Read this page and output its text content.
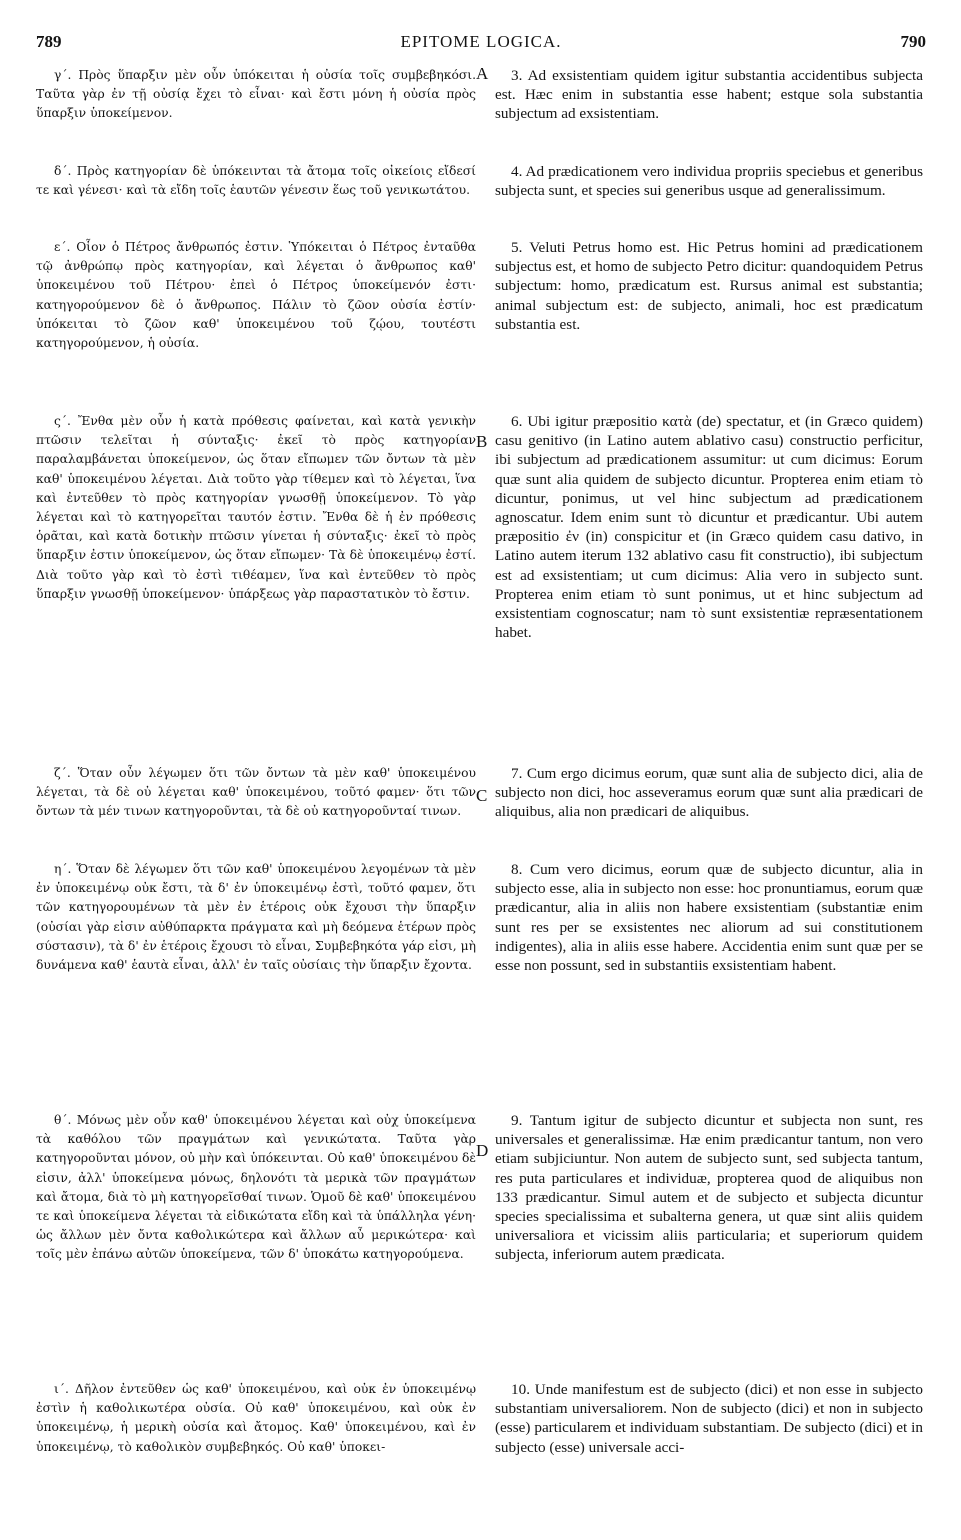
789	EPITOME LOGICA.	790
A
B
C
D

γ΄. Πρὸς ὕπαρξιν μὲν οὖν ὑπόκειται ἡ οὐσία τοῖς συμβεβηκόσι. Ταῦτα γὰρ ἐν τῇ οὐσίᾳ ἔχει τὸ εἶναι· καὶ ἔστι μόνη ἡ οὐσία πρὸς ὕπαρξιν ὑποκείμενον.

δ΄. Πρὸς κατηγορίαν δὲ ὑπόκεινται τὰ ἄτομα τοῖς οἰκείοις εἴδεσί τε καὶ γένεσι· καὶ τὰ εἴδη τοῖς ἑαυτῶν γένεσιν ἕως τοῦ γενικωτάτου.

ε΄. Οἷον ὁ Πέτρος ἄνθρωπός ἐστιν. Ὑπόκειται ὁ Πέτρος ἐνταῦθα τῷ ἀνθρώπῳ πρὸς κατηγορίαν, καὶ λέγεται ὁ ἄνθρωπος καθ' ὑποκειμένου τοῦ Πέτρου· ἐπεὶ ὁ Πέτρος ὑποκείμενόν ἐστι· κατηγορούμενον δὲ ὁ ἄνθρωπος. Πάλιν τὸ ζῶον οὐσία ἐστίν· ὑπόκειται τὸ ζῶον καθ' ὑποκειμένου τοῦ ζῴου, τουτέστι κατηγορούμενον, ἡ οὐσία.

ς΄. Ἔνθα μὲν οὖν ἡ κατὰ πρόθεσις φαίνεται, καὶ κατὰ γενικὴν πτῶσιν τελεῖται ἡ σύνταξις· ἐκεῖ τὸ πρὸς κατηγορίαν παραλαμβάνεται ὑποκείμενον, ὡς ὅταν εἴπωμεν τῶν ὄντων τὰ μὲν καθ' ὑποκειμένου λέγεται. Διὰ τοῦτο γὰρ τίθεμεν καὶ τὸ λέγεται, ἵνα καὶ ἐντεῦθεν τὸ πρὸς κατηγορίαν γνωσθῇ ὑποκείμενον. Τὸ γὰρ λέγεται καὶ τὸ κατηγορεῖται ταυτόν ἐστιν. Ἔνθα δὲ ἡ ἐν πρόθεσις ὁρᾶται, καὶ κατὰ δοτικὴν πτῶσιν γίνεται ἡ σύνταξις· ἐκεῖ τὸ πρὸς ὕπαρξιν ἐστιν ὑποκείμενον, ὡς ὅταν εἴπωμεν· Τὰ δὲ ὑποκειμένῳ ἐστί. Διὰ τοῦτο γὰρ καὶ τὸ ἐστὶ τιθέαμεν, ἵνα καὶ ἐντεῦθεν τὸ πρὸς ὕπαρξιν γνωσθῇ ὑποκείμενον· ὑπάρξεως γὰρ παραστατικὸν τὸ ἔστιν.

ζ΄. Ὅταν οὖν λέγωμεν ὅτι τῶν ὄντων τὰ μὲν καθ' ὑποκειμένου λέγεται, τὰ δὲ οὐ λέγεται καθ' ὑποκειμένου, τοῦτό φαμεν· ὅτι τῶν ὄντων τὰ μέν τινων κατηγοροῦνται, τὰ δὲ οὐ κατηγοροῦνταί τινων.

η΄. Ὅταν δὲ λέγωμεν ὅτι τῶν καθ' ὑποκειμένου λεγομένων τὰ μὲν ἐν ὑποκειμένῳ οὐκ ἔστι, τὰ δ' ἐν ὑποκειμένῳ ἐστὶ, τοῦτό φαμεν, ὅτι τῶν κατηγορουμένων τὰ μὲν ἐν ἑτέροις οὐκ ἔχουσι τὴν ὕπαρξιν (οὐσίαι γὰρ εἰσιν αὐθύπαρκτα πράγματα καὶ μὴ δεόμενα ἑτέρων πρὸς σύστασιν), τὰ δ' ἐν ἑτέροις ἔχουσι τὸ εἶναι, Συμβεβηκότα γάρ εἰσι, μὴ δυνάμενα καθ' ἑαυτὰ εἶναι, ἀλλ' ἐν ταῖς οὐσίαις τὴν ὕπαρξιν ἔχοντα.

θ΄. Μόνως μὲν οὖν καθ' ὑποκειμένου λέγεται καὶ οὐχ ὑποκείμενα τὰ καθόλου τῶν πραγμάτων καὶ γενικώτατα. Ταῦτα γὰρ κατηγοροῦνται μόνον, οὐ μὴν καὶ ὑπόκεινται. Οὐ καθ' ὑποκειμένου δὲ εἰσιν, ἀλλ' ὑποκείμενα μόνως, δηλονότι τὰ μερικὰ τῶν πραγμάτων καὶ ἄτομα, διὰ τὸ μὴ κατηγορεῖσθαί τινων. Ὁμοῦ δὲ καθ' ὑποκειμένου τε καὶ ὑποκείμενα λέγεται τὰ εἰδικώτατα εἴδη καὶ τὰ ὑπάλληλα γένη· ὡς ἄλλων μὲν ὄντα καθολικώτερα καὶ ἄλλων αὖ μερικώτερα· καὶ τοῖς μὲν ἐπάνω αὐτῶν ὑποκείμενα, τῶν δ' ὑποκάτω κατηγορούμενα.

ι΄. Δῆλον ἐντεῦθεν ὡς καθ' ὑποκειμένου, καὶ οὐκ ἐν ὑποκειμένῳ ἐστὶν ἡ καθολικωτέρα οὐσία. Οὐ καθ' ὑποκειμένου, καὶ οὐκ ἐν ὑποκειμένῳ, ἡ μερικὴ οὐσία καὶ ἄτομος. Καθ' ὑποκειμένου, καὶ ἐν ὑποκειμένῳ, τὸ καθολικὸν συμβεβηκός. Οὐ καθ' ὑποκει-

3. Ad exsistentiam quidem igitur substantia accidentibus subjecta est. Hæc enim in substantia esse habent; estque sola substantia subjectum ad exsistentiam.

4. Ad prædicationem vero individua propriis speciebus et generibus subjecta sunt, et species sui generibus usque ad generalissimum.

5. Veluti Petrus homo est. Hic Petrus homini ad prædicationem subjectus est, et homo de subjecto Petro dicitur: quandoquidem Petrus subjectum: homo, prædicatum est. Rursus animal est substantia; animal subjectum est: de subjecto, animali, hoc est prædicatum substantia est.

6. Ubi igitur præpositio κατὰ (de) spectatur, et (in Græco quidem) casu genitivo (in Latino autem ablativo casu) constructio perficitur, ibi subjectum ad prædicationem assumitur: ut cum dicimus: Eorum quæ sunt alia quidem de subjecto dicuntur. Propterea enim etiam τὸ dicuntur, ponimus, ut vel hinc subjectum ad prædicationem agnoscatur. Idem enim sunt τὸ dicuntur et prædicantur. Ubi autem præpositio ἐν (in) conspicitur et (in Græco quidem casu dativo, in Latino autem iterum 132 ablativo casu fit constructio), ibi subjectum est ad exsistentiam; ut cum dicimus: Alia vero in subjecto sunt. Propterea enim etiam τὸ sunt ponimus, ut et hinc subjectum ad exsistentiam cognoscatur; nam τὸ sunt exsistentiæ repræsentationem habet.

7. Cum ergo dicimus eorum, quæ sunt alia de subjecto dici, alia de subjecto non dici, hoc asseveramus eorum quæ sunt alia prædicari de aliquibus, alia non prædicari de aliquibus.

8. Cum vero dicimus, eorum quæ de subjecto dicuntur, alia in subjecto esse, alia in subjecto non esse: hoc pronuntiamus, eorum quæ prædicantur, alia in aliis non habere exsistentiam (substantiæ enim sunt res per se exsistentes nec aliorum ad sui constitutionem indigentes), alia in aliis esse habere. Accidentia enim sunt quæ per se esse non possunt, sed in substantiis exsistentiam habent.

9. Tantum igitur de subjecto dicuntur et subjecta non sunt, res universales et generalissimæ. Hæ enim prædicantur tantum, non vero etiam subjiciuntur. Non autem de subjecto sunt, sed subjecta tantum, res puta particulares et individuæ, propterea quod de aliquibus non 133 prædicantur. Simul autem et de subjecto et subjecta dicuntur species specialissima et subalterna genera, ut quæ sint aliis quidem universaliora et vicissim aliis particularia; et superiorum quidem subjecta, inferiorum autem prædicata.

10. Unde manifestum est de subjecto (dici) et non esse in subjecto substantiam universaliorem. Non de subjecto (dici) et non in subjecto (esse) particularem et individuam substantiam. De subjecto (dici) et in subjecto (esse) universale acci-
